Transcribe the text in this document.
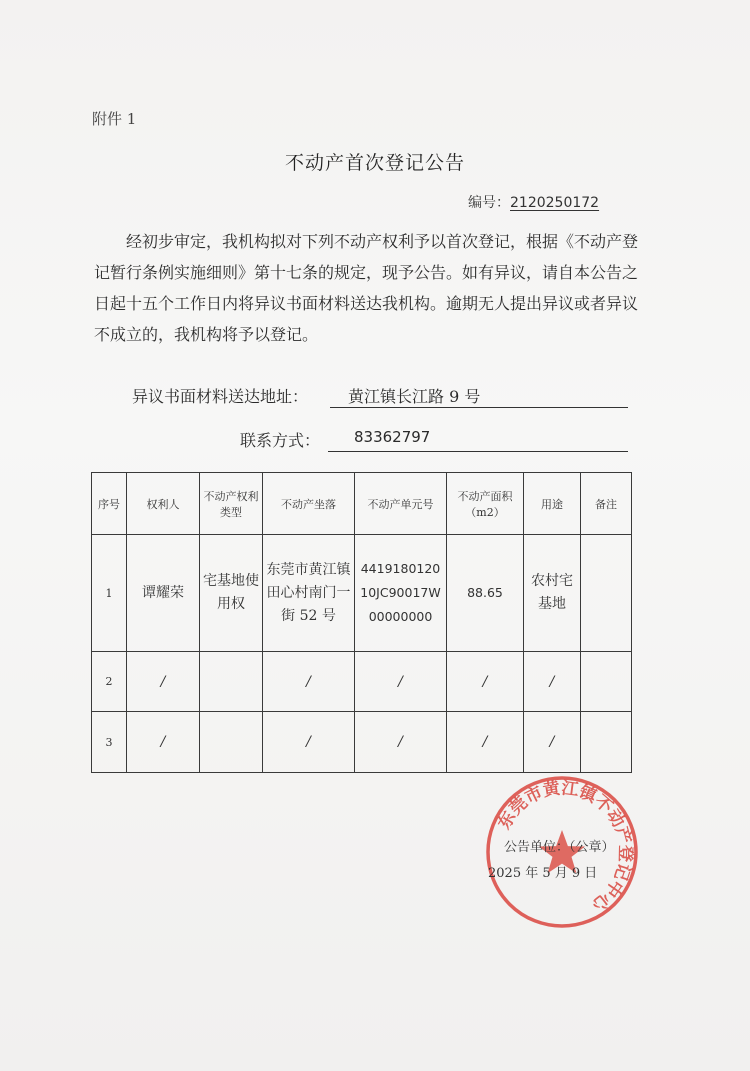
附件 1
不动产首次登记公告
编号：2120250172

经初步审定，我机构拟对下列不动产权利予以首次登记，根据《不动产登记暂行条例实施细则》第十七条的规定，现予公告。如有异议，请自本公告之日起十五个工作日内将异议书面材料送达我机构。逾期无人提出异议或者异议不成立的，我机构将予以登记。

异议书面材料送达地址：	黄江镇长江路 9 号
联系方式：	83362797
序号	权利人	不动产权利类型	不动产坐落	不动产单元号	不动产面积（m2）	用途	备注
1	谭耀荣	宅基地使用权	东莞市黄江镇田心村南门一街 52 号	441918012010JC90017W00000000	88.65	农村宅基地	
2	/		/	/	/	/	
3	/		/	/	/	/	
东莞市黄江镇不动产登记中心
公告单位：（公章）
2025 年 5 月 9 日
